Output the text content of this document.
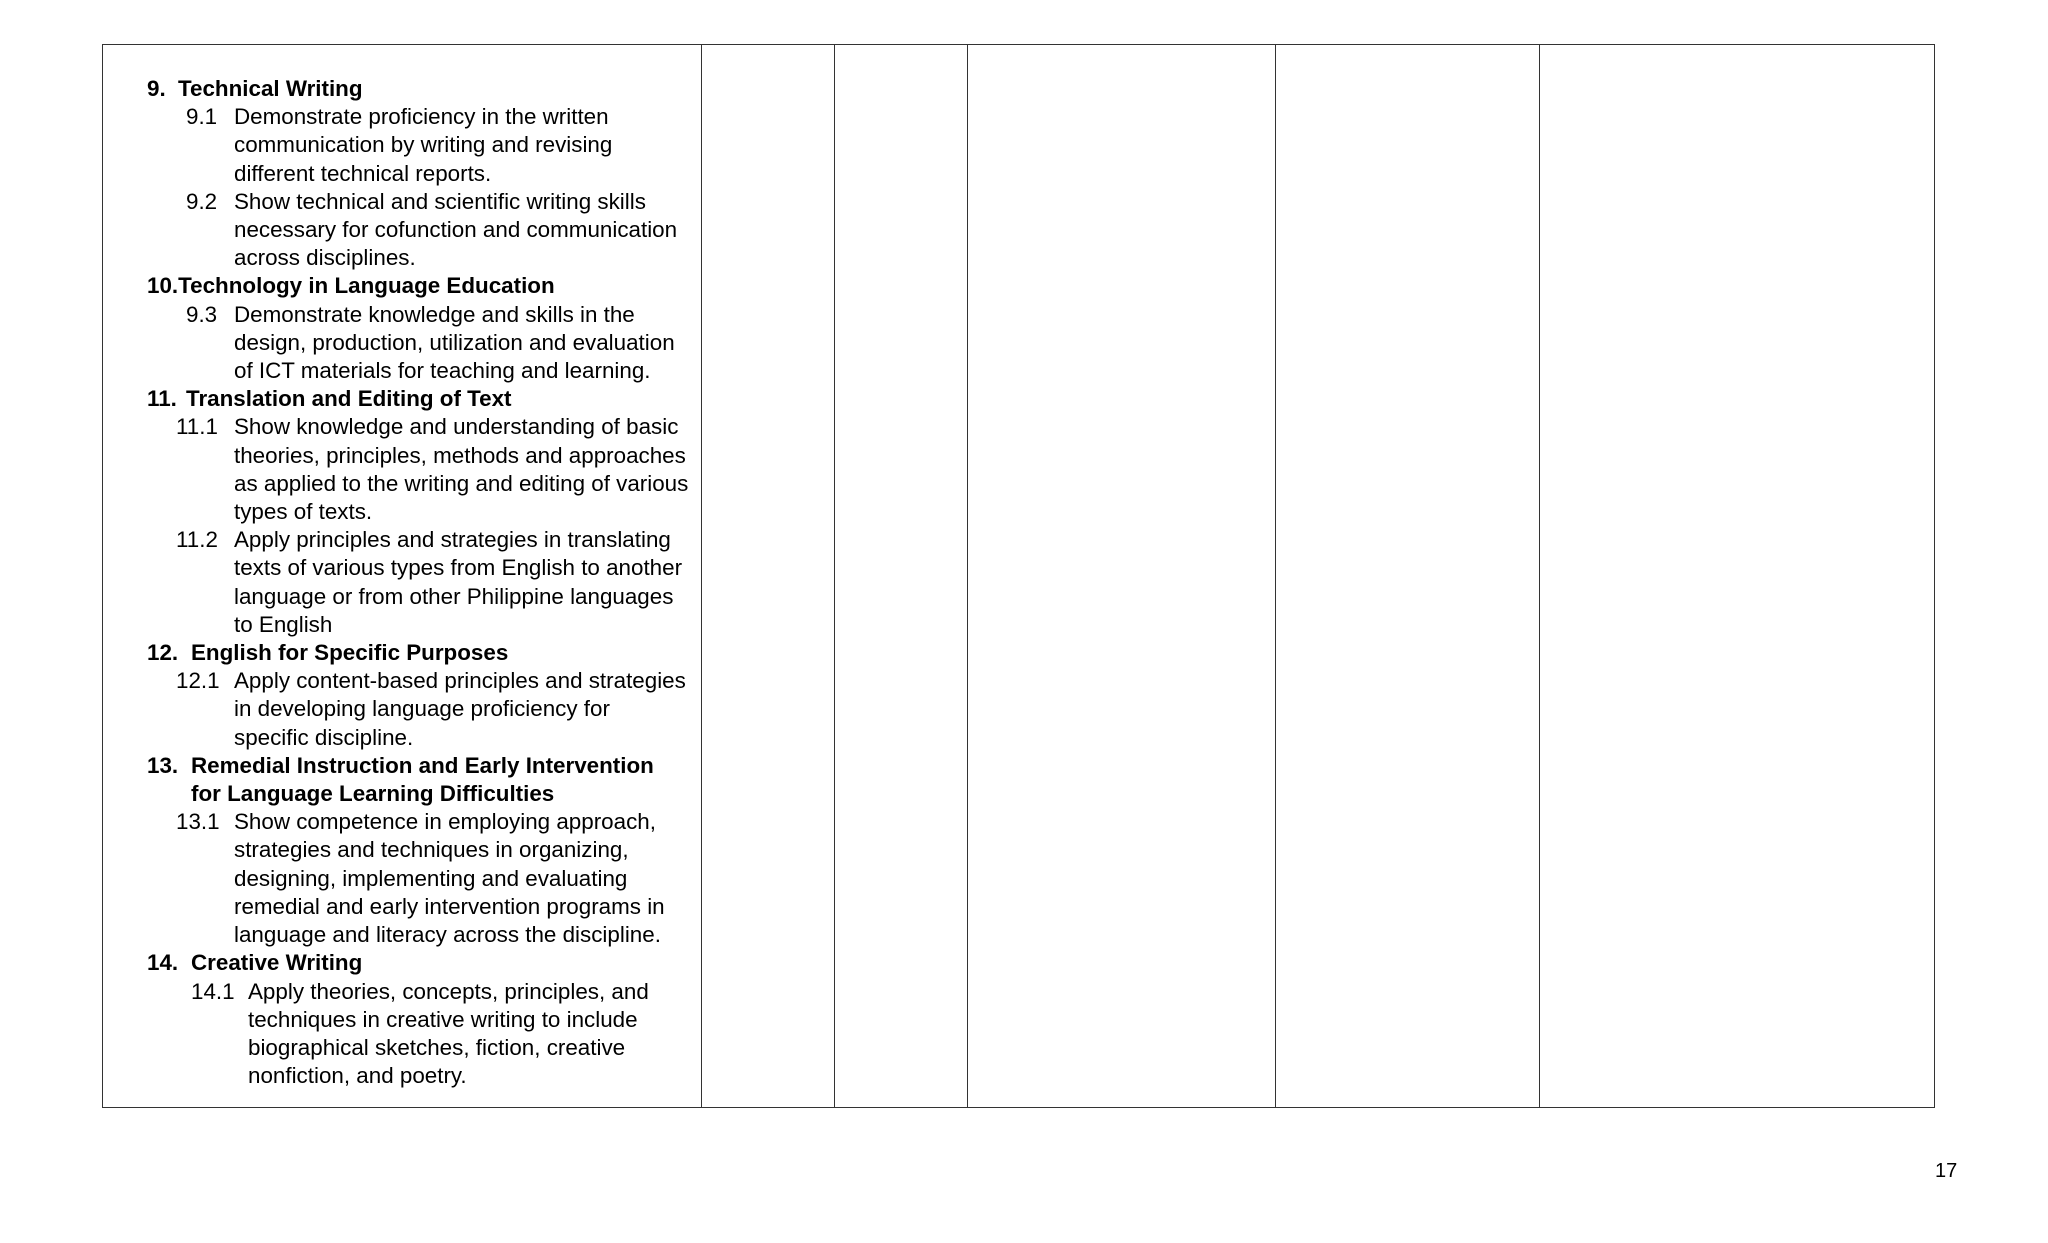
9. Technical Writing
9.1 Demonstrate proficiency in the written
communication by writing and revising
different technical reports.
9.2 Show technical and scientific writing skills
necessary for cofunction and communication
across disciplines.
10.Technology in Language Education
9.3 Demonstrate knowledge and skills in the
design, production, utilization and evaluation
of ICT materials for teaching and learning.
11. Translation and Editing of Text
11.1 Show knowledge and understanding of basic
theories, principles, methods and approaches
as applied to the writing and editing of various
types of texts.
11.2 Apply principles and strategies in translating
texts of various types from English to another
language or from other Philippine languages
to English
12. English for Specific Purposes
12.1 Apply content-based principles and strategies
in developing language proficiency for
specific discipline.
13. Remedial Instruction and Early Intervention
for Language Learning Difficulties
13.1 Show competence in employing approach,
strategies and techniques in organizing,
designing, implementing and evaluating
remedial and early intervention programs in
language and literacy across the discipline.
14. Creative Writing
14.1 Apply theories, concepts, principles, and
techniques in creative writing to include
biographical sketches, fiction, creative
nonfiction, and poetry.

17
